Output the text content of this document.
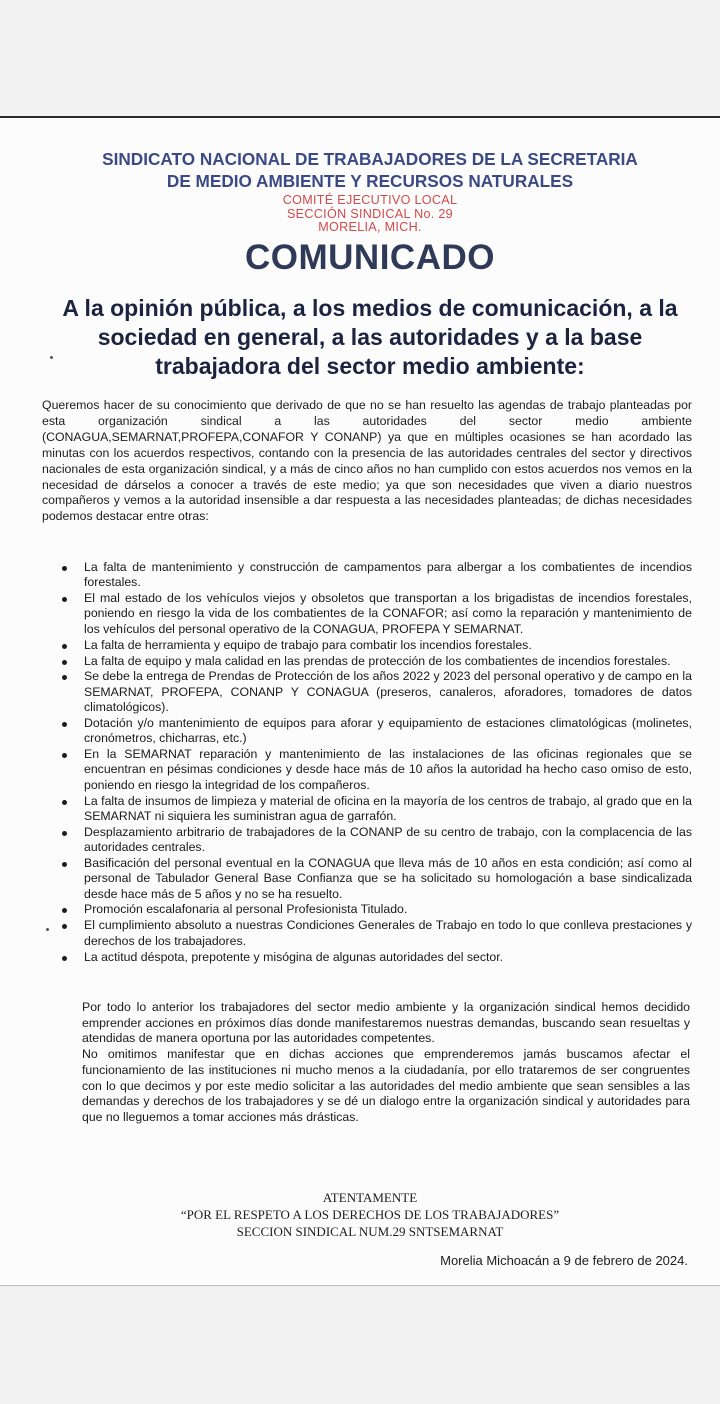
SINDICATO NACIONAL DE TRABAJADORES DE LA SECRETARIA
DE MEDIO AMBIENTE Y RECURSOS NATURALES
COMITÉ EJECUTIVO LOCAL
SECCIÓN SINDICAL No. 29
MORELIA, MICH.
COMUNICADO
A la opinión pública, a los medios de comunicación, a la sociedad en general, a las autoridades y a la base trabajadora del sector medio ambiente:

Queremos hacer de su conocimiento que derivado de que no se han resuelto las agendas de trabajo planteadas por esta organización sindical a las autoridades del sector medio ambiente (CONAGUA,SEMARNAT,PROFEPA,CONAFOR Y CONANP) ya que en múltiples ocasiones se han acordado las minutas con los acuerdos respectivos, contando con la presencia de las autoridades centrales del sector y directivos nacionales de esta organización sindical, y a más de cinco años no han cumplido con estos acuerdos nos vemos en la necesidad de dárselos a conocer a través de este medio; ya que son necesidades que viven a diario nuestros compañeros y vemos a la autoridad insensible a dar respuesta a las necesidades planteadas; de dichas necesidades podemos destacar entre otras:

La falta de mantenimiento y construcción de campamentos para albergar a los combatientes de incendios forestales.
El mal estado de los vehículos viejos y obsoletos que transportan a los brigadistas de incendios forestales, poniendo en riesgo la vida de los combatientes de la CONAFOR; así como la reparación y mantenimiento de los vehículos del personal operativo de la CONAGUA, PROFEPA Y SEMARNAT.
La falta de herramienta y equipo de trabajo para combatir los incendios forestales.
La falta de equipo y mala calidad en las prendas de protección de los combatientes de incendios forestales.
Se debe la entrega de Prendas de Protección de los años 2022 y 2023 del personal operativo y de campo en la SEMARNAT, PROFEPA, CONANP Y CONAGUA (preseros, canaleros, aforadores, tomadores de datos climatológicos).
Dotación y/o mantenimiento de equipos para aforar y equipamiento de estaciones climatológicas (molinetes, cronómetros, chicharras, etc.)
En la SEMARNAT reparación y mantenimiento de las instalaciones de las oficinas regionales que se encuentran en pésimas condiciones y desde hace más de 10 años la autoridad ha hecho caso omiso de esto, poniendo en riesgo la integridad de los compañeros.
La falta de insumos de limpieza y material de oficina en la mayoría de los centros de trabajo, al grado que en la SEMARNAT ni siquiera les suministran agua de garrafón.
Desplazamiento arbitrario de trabajadores de la CONANP de su centro de trabajo, con la complacencia de las autoridades centrales.
Basificación del personal eventual en la CONAGUA que lleva más de 10 años en esta condición; así como al personal de Tabulador General Base Confianza que se ha solicitado su homologación a base sindicalizada desde hace más de 5 años y no se ha resuelto.
Promoción escalafonaria al personal Profesionista Titulado.
El cumplimiento absoluto a nuestras Condiciones Generales de Trabajo en todo lo que conlleva prestaciones y derechos de los trabajadores.
La actitud déspota, prepotente y misógina de algunas autoridades del sector.

Por todo lo anterior los trabajadores del sector medio ambiente y la organización sindical hemos decidido emprender acciones en próximos días donde manifestaremos nuestras demandas, buscando sean resueltas y atendidas de manera oportuna por las autoridades competentes.

No omitimos manifestar que en dichas acciones que emprenderemos jamás buscamos afectar el funcionamiento de las instituciones ni mucho menos a la ciudadanía, por ello trataremos de ser congruentes con lo que decimos y por este medio solicitar a las autoridades del medio ambiente que sean sensibles a las demandas y derechos de los trabajadores y se dé un dialogo entre la organización sindical y autoridades para que no lleguemos a tomar acciones más drásticas.

ATENTAMENTE
“POR EL RESPETO A LOS DERECHOS DE LOS TRABAJADORES”
SECCION SINDICAL NUM.29 SNTSEMARNAT
Morelia Michoacán a 9 de febrero de 2024.
